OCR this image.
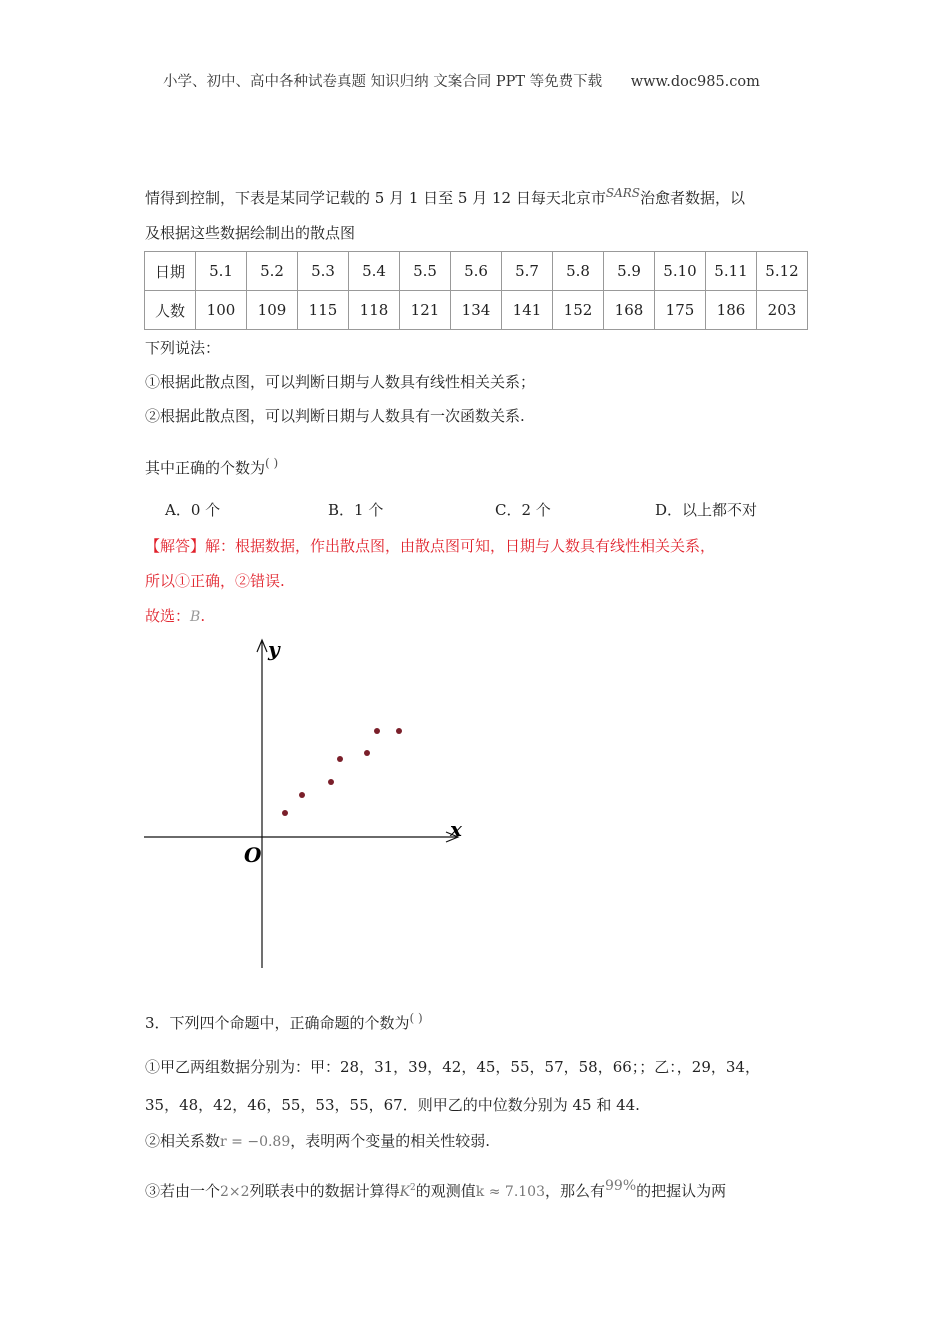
小学、初中、高中各种试卷真题 知识归纳 文案合同 PPT 等免费下载 www.doc985.com
情得到控制，下表是某同学记载的 5 月 1 日至 5 月 12 日每天北京市$^{SARS}$治愈者数据，以
及根据这些数据绘制出的散点图
日期	5.1	5.2	5.3	5.4	5.5	5.6	5.7	5.8	5.9	5.10	5.11	5.12
人数	100	109	115	118	121	134	141	152	168	175	186	203
下列说法：
①根据此散点图，可以判断日期与人数具有线性相关关系；
②根据此散点图，可以判断日期与人数具有一次函数关系.
其中正确的个数为( )
A．0 个	B．1 个	C．2 个	D．以上都不对
【解答】解：根据数据，作出散点图，由散点图可知，日期与人数具有线性相关关系，
所以①正确，②错误.
故选：B.
y
x
O
3．下列四个命题中，正确命题的个数为( )
①甲乙两组数据分别为：甲：28，31，39，42，45，55，57，58，66；；乙：，29，34，
35，48，42，46，55，53，55，67．则甲乙的中位数分别为 45 和 44.
②相关系数r = −0.89，表明两个变量的相关性较弱.
③若由一个2×2列联表中的数据计算得$K^2$的观测值k ≈ 7.103，那么有$^{99\%}$的把握认为两
